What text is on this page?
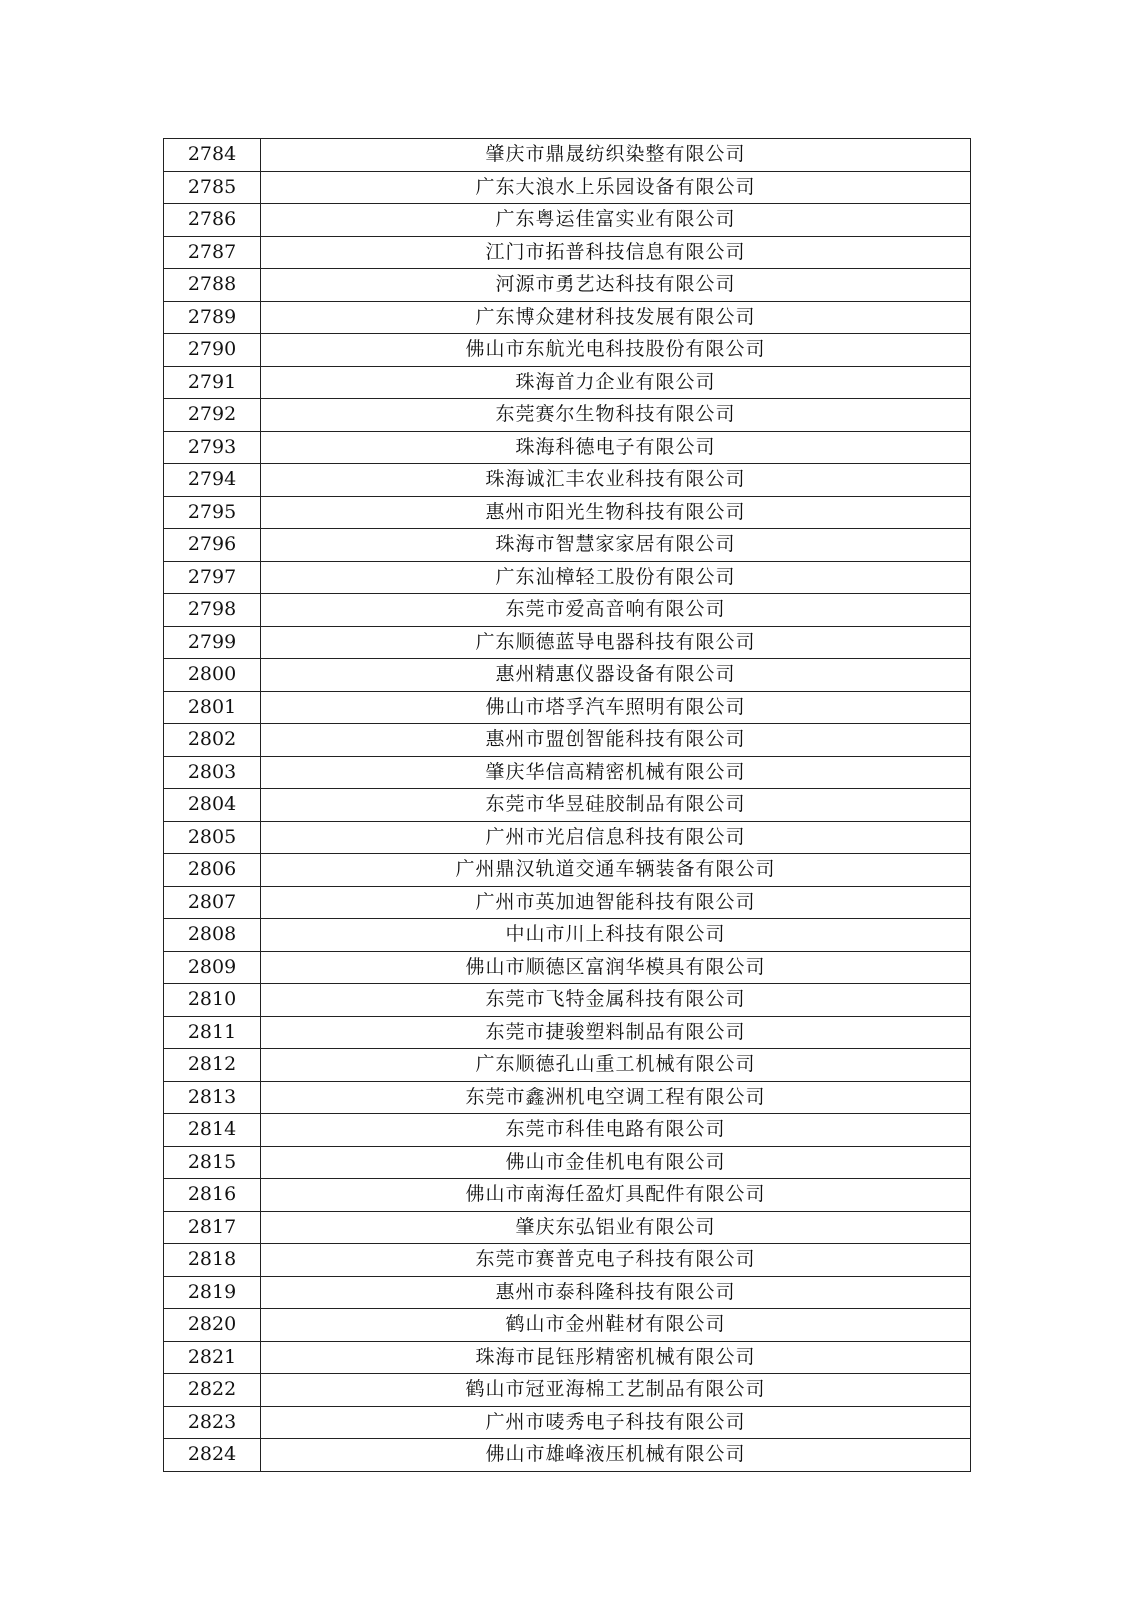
2784	肇庆市鼎晟纺织染整有限公司
2785	广东大浪水上乐园设备有限公司
2786	广东粤运佳富实业有限公司
2787	江门市拓普科技信息有限公司
2788	河源市勇艺达科技有限公司
2789	广东博众建材科技发展有限公司
2790	佛山市东航光电科技股份有限公司
2791	珠海首力企业有限公司
2792	东莞赛尔生物科技有限公司
2793	珠海科德电子有限公司
2794	珠海诚汇丰农业科技有限公司
2795	惠州市阳光生物科技有限公司
2796	珠海市智慧家家居有限公司
2797	广东汕樟轻工股份有限公司
2798	东莞市爱高音响有限公司
2799	广东顺德蓝导电器科技有限公司
2800	惠州精惠仪器设备有限公司
2801	佛山市塔孚汽车照明有限公司
2802	惠州市盟创智能科技有限公司
2803	肇庆华信高精密机械有限公司
2804	东莞市华昱硅胶制品有限公司
2805	广州市光启信息科技有限公司
2806	广州鼎汉轨道交通车辆装备有限公司
2807	广州市英加迪智能科技有限公司
2808	中山市川上科技有限公司
2809	佛山市顺德区富润华模具有限公司
2810	东莞市飞特金属科技有限公司
2811	东莞市捷骏塑料制品有限公司
2812	广东顺德孔山重工机械有限公司
2813	东莞市鑫洲机电空调工程有限公司
2814	东莞市科佳电路有限公司
2815	佛山市金佳机电有限公司
2816	佛山市南海任盈灯具配件有限公司
2817	肇庆东弘铝业有限公司
2818	东莞市赛普克电子科技有限公司
2819	惠州市泰科隆科技有限公司
2820	鹤山市金州鞋材有限公司
2821	珠海市昆钰彤精密机械有限公司
2822	鹤山市冠亚海棉工艺制品有限公司
2823	广州市唛秀电子科技有限公司
2824	佛山市雄峰液压机械有限公司
